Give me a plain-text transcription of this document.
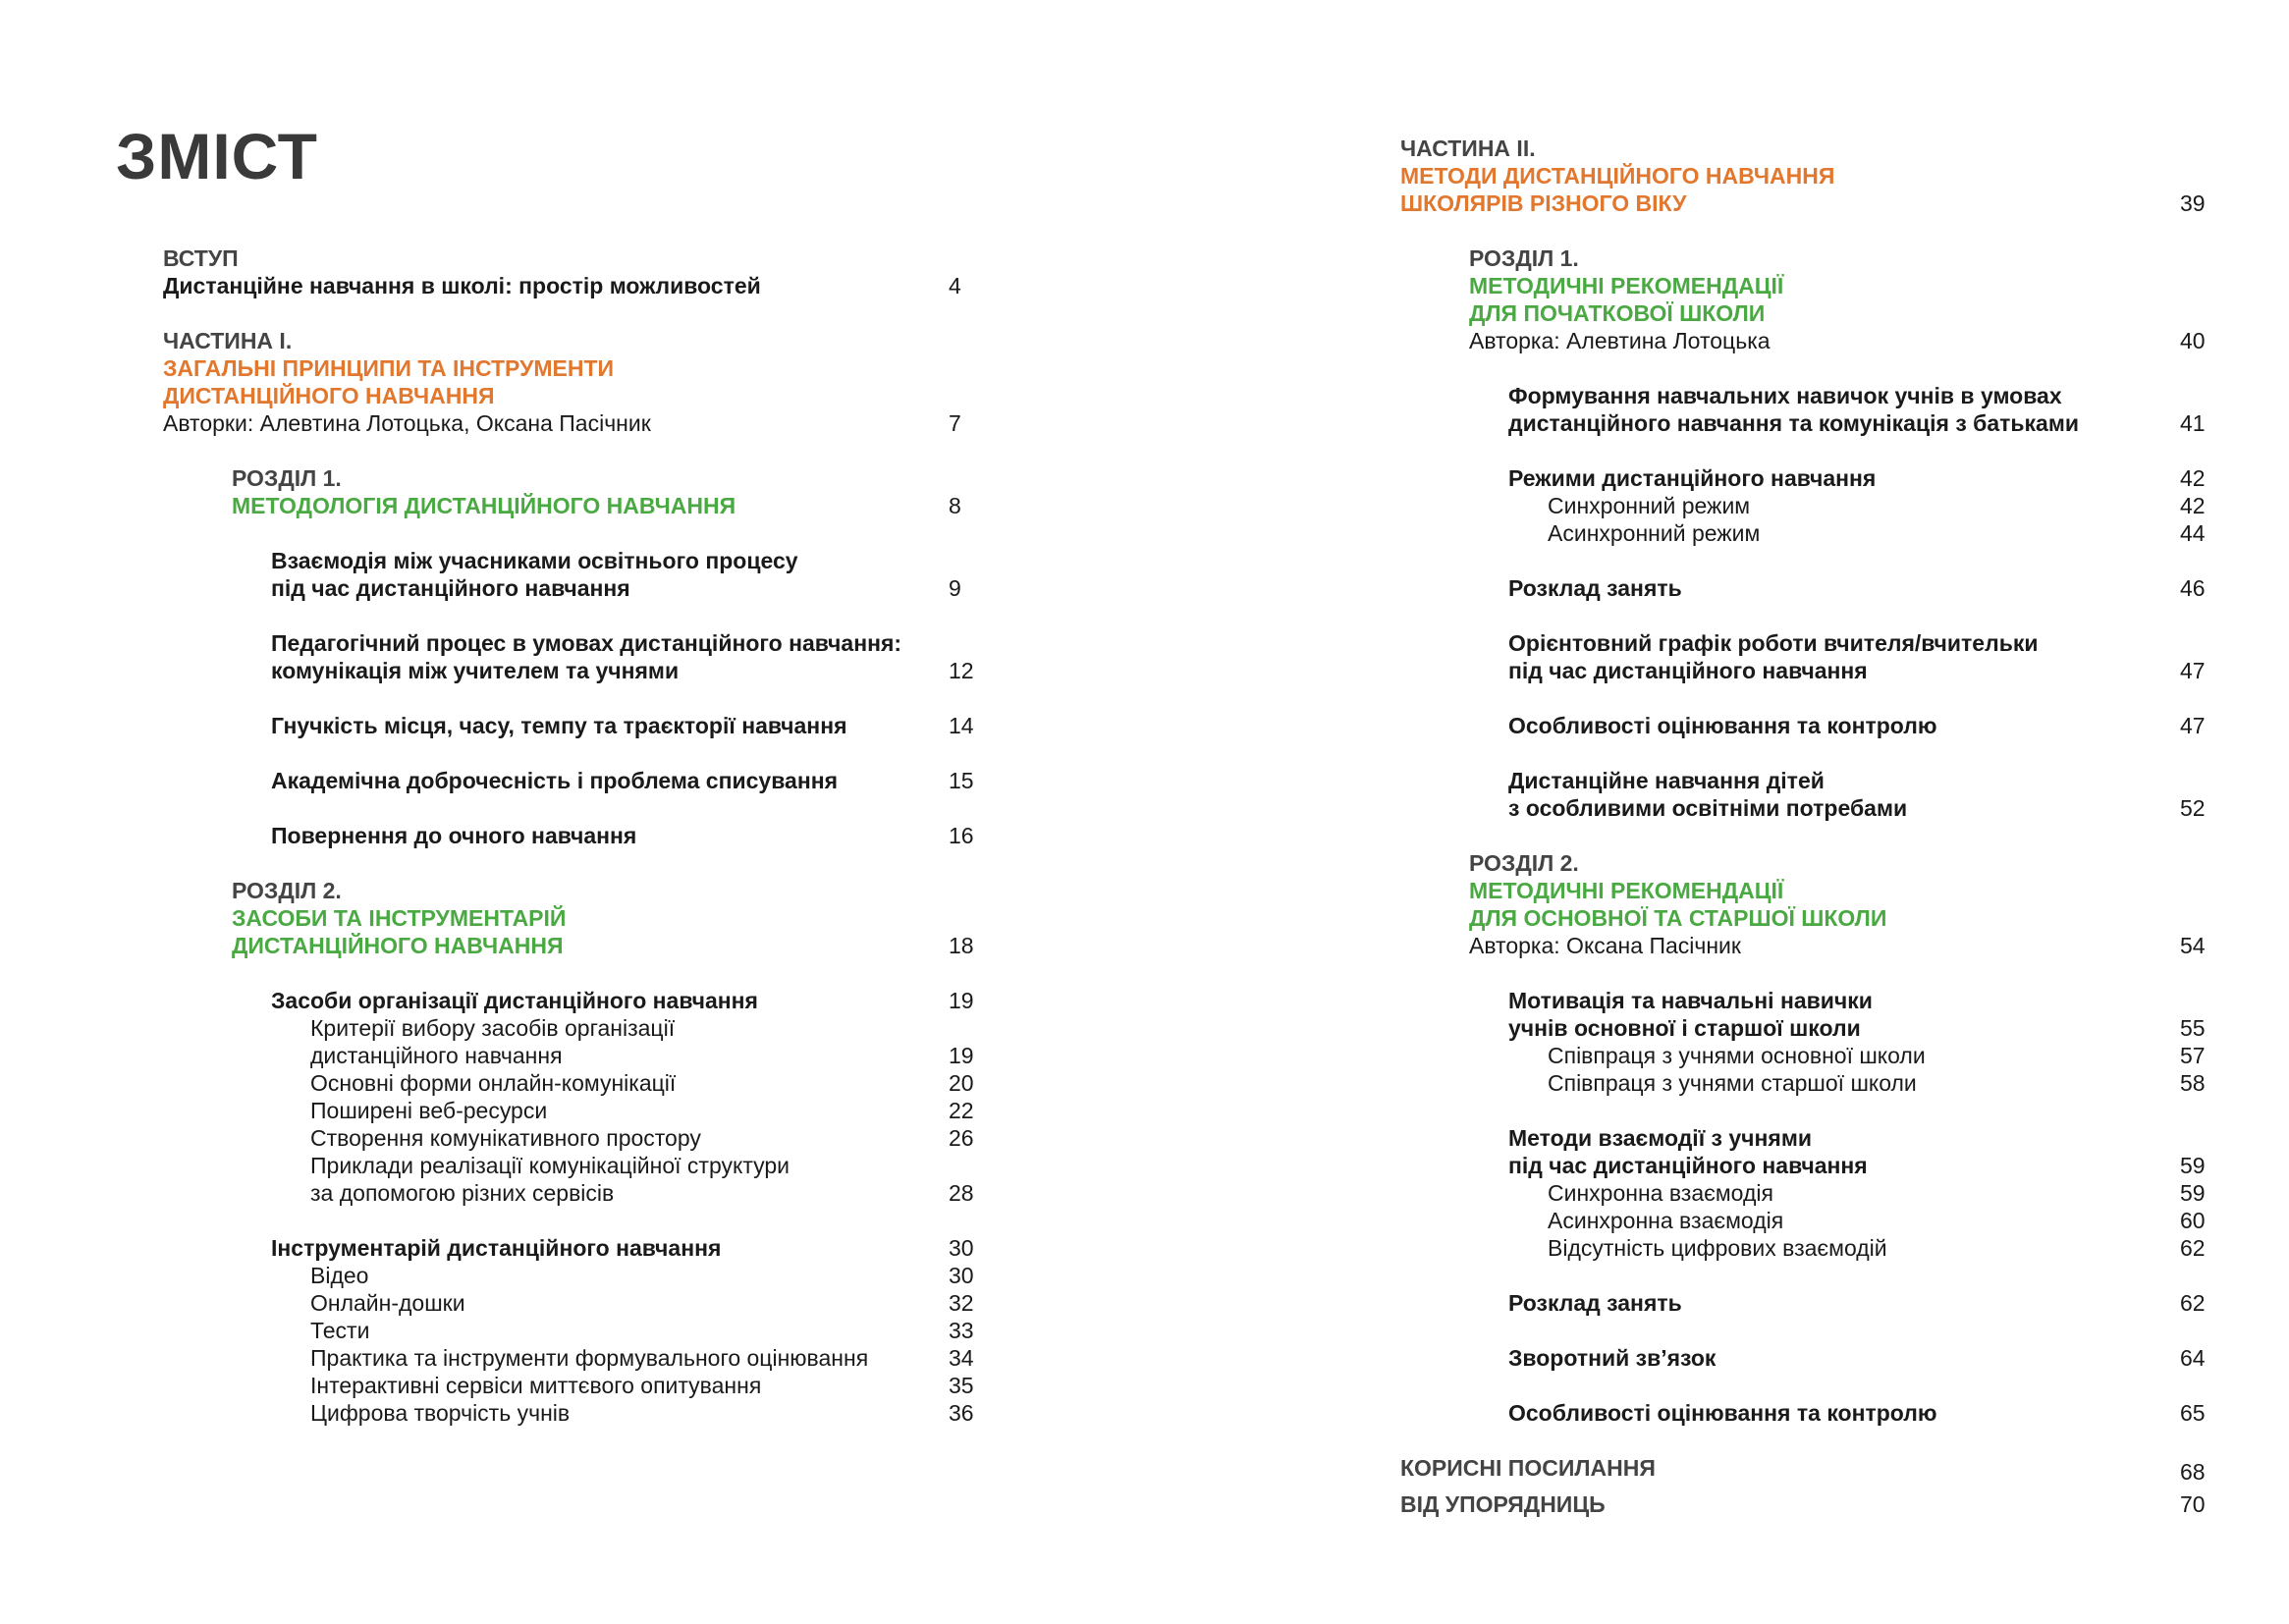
ЗМІСТ
ВСТУП
Дистанційне навчання в школі: простір можливостей	4
ЧАСТИНА І.
ЗАГАЛЬНІ ПРИНЦИПИ ТА ІНСТРУМЕНТИ
ДИСТАНЦІЙНОГО НАВЧАННЯ
Авторки: Алевтина Лотоцька, Оксана Пасічник	7
РОЗДІЛ 1.
МЕТОДОЛОГІЯ ДИСТАНЦІЙНОГО НАВЧАННЯ	8
Взаємодія між учасниками освітнього процесу
під час дистанційного навчання	9
Педагогічний процес в умовах дистанційного навчання:
комунікація між учителем та учнями	12
Гнучкість місця, часу, темпу та траєкторії навчання	14
Академічна доброчесність і проблема списування	15
Повернення до очного навчання	16
РОЗДІЛ 2.
ЗАСОБИ ТА ІНСТРУМЕНТАРІЙ
ДИСТАНЦІЙНОГО НАВЧАННЯ	18
Засоби організації дистанційного навчання	19
Критерії вибору засобів організації
дистанційного навчання	19
Основні форми онлайн-комунікації	20
Поширені веб-ресурси	22
Створення комунікативного простору	26
Приклади реалізації комунікаційної структури
за допомогою різних сервісів	28
Інструментарій дистанційного навчання	30
Відео	30
Онлайн-дошки	32
Тести	33
Практика та інструменти формувального оцінювання	34
Інтерактивні сервіси миттєвого опитування	35
Цифрова творчість учнів	36
ЧАСТИНА ІІ.
МЕТОДИ ДИСТАНЦІЙНОГО НАВЧАННЯ
ШКОЛЯРІВ РІЗНОГО ВІКУ	39
РОЗДІЛ 1.
МЕТОДИЧНІ РЕКОМЕНДАЦІЇ
ДЛЯ ПОЧАТКОВОЇ ШКОЛИ
Авторка: Алевтина Лотоцька	40
Формування навчальних навичок учнів в умовах
дистанційного навчання та комунікація з батьками	41
Режими дистанційного навчання	42
Синхронний режим	42
Асинхронний режим	44
Розклад занять	46
Орієнтовний графік роботи вчителя/вчительки
під час дистанційного навчання	47
Особливості оцінювання та контролю	47
Дистанційне навчання дітей
з особливими освітніми потребами	52
РОЗДІЛ 2.
МЕТОДИЧНІ РЕКОМЕНДАЦІЇ
ДЛЯ ОСНОВНОЇ ТА СТАРШОЇ ШКОЛИ
Авторка: Оксана Пасічник	54
Мотивація та навчальні навички
учнів основної і старшої школи	55
Співпраця з учнями основної школи	57
Співпраця з учнями старшої школи	58
Методи взаємодії з учнями
під час дистанційного навчання	59
Синхронна взаємодія	59
Асинхронна взаємодія	60
Відсутність цифрових взаємодій	62
Розклад занять	62
Зворотний зв’язок	64
Особливості оцінювання та контролю	65
КОРИСНІ ПОСИЛАННЯ	68
ВІД УПОРЯДНИЦЬ	70
